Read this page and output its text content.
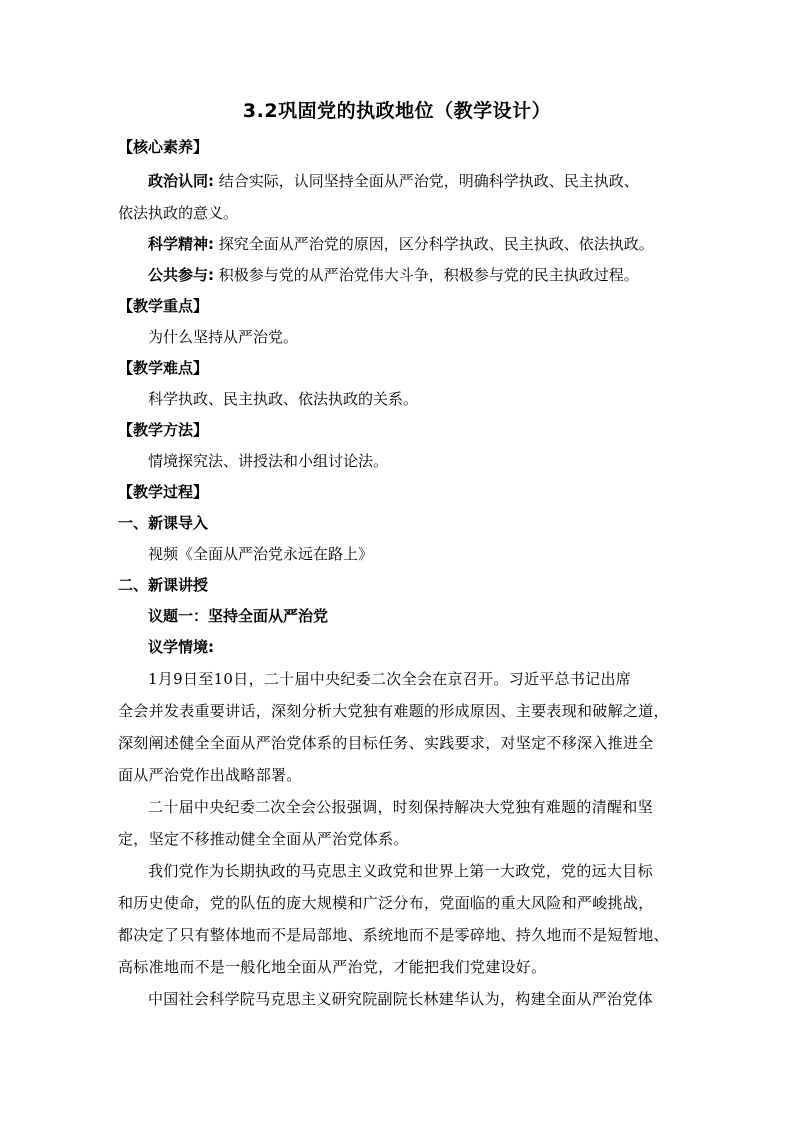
3.2巩固党的执政地位（教学设计）
【核心素养】
政治认同: 结合实际，认同坚持全面从严治党，明确科学执政、民主执政、
依法执政的意义。
科学精神: 探究全面从严治党的原因，区分科学执政、民主执政、依法执政。
公共参与: 积极参与党的从严治党伟大斗争，积极参与党的民主执政过程。
【教学重点】
为什么坚持从严治党。
【教学难点】
科学执政、民主执政、依法执政的关系。
【教学方法】
情境探究法、讲授法和小组讨论法。
【教学过程】
一、新课导入
视频《全面从严治党永远在路上》
二、新课讲授
议题一：坚持全面从严治党
议学情境:
1月9日至10日，二十届中央纪委二次全会在京召开。习近平总书记出席
全会并发表重要讲话，深刻分析大党独有难题的形成原因、主要表现和破解之道，
深刻阐述健全全面从严治党体系的目标任务、实践要求，对坚定不移深入推进全
面从严治党作出战略部署。
二十届中央纪委二次全会公报强调，时刻保持解决大党独有难题的清醒和坚
定，坚定不移推动健全全面从严治党体系。
我们党作为长期执政的马克思主义政党和世界上第一大政党，党的远大目标
和历史使命，党的队伍的庞大规模和广泛分布，党面临的重大风险和严峻挑战，
都决定了只有整体地而不是局部地、系统地而不是零碎地、持久地而不是短暂地、
高标准地而不是一般化地全面从严治党，才能把我们党建设好。
中国社会科学院马克思主义研究院副院长林建华认为，构建全面从严治党体
